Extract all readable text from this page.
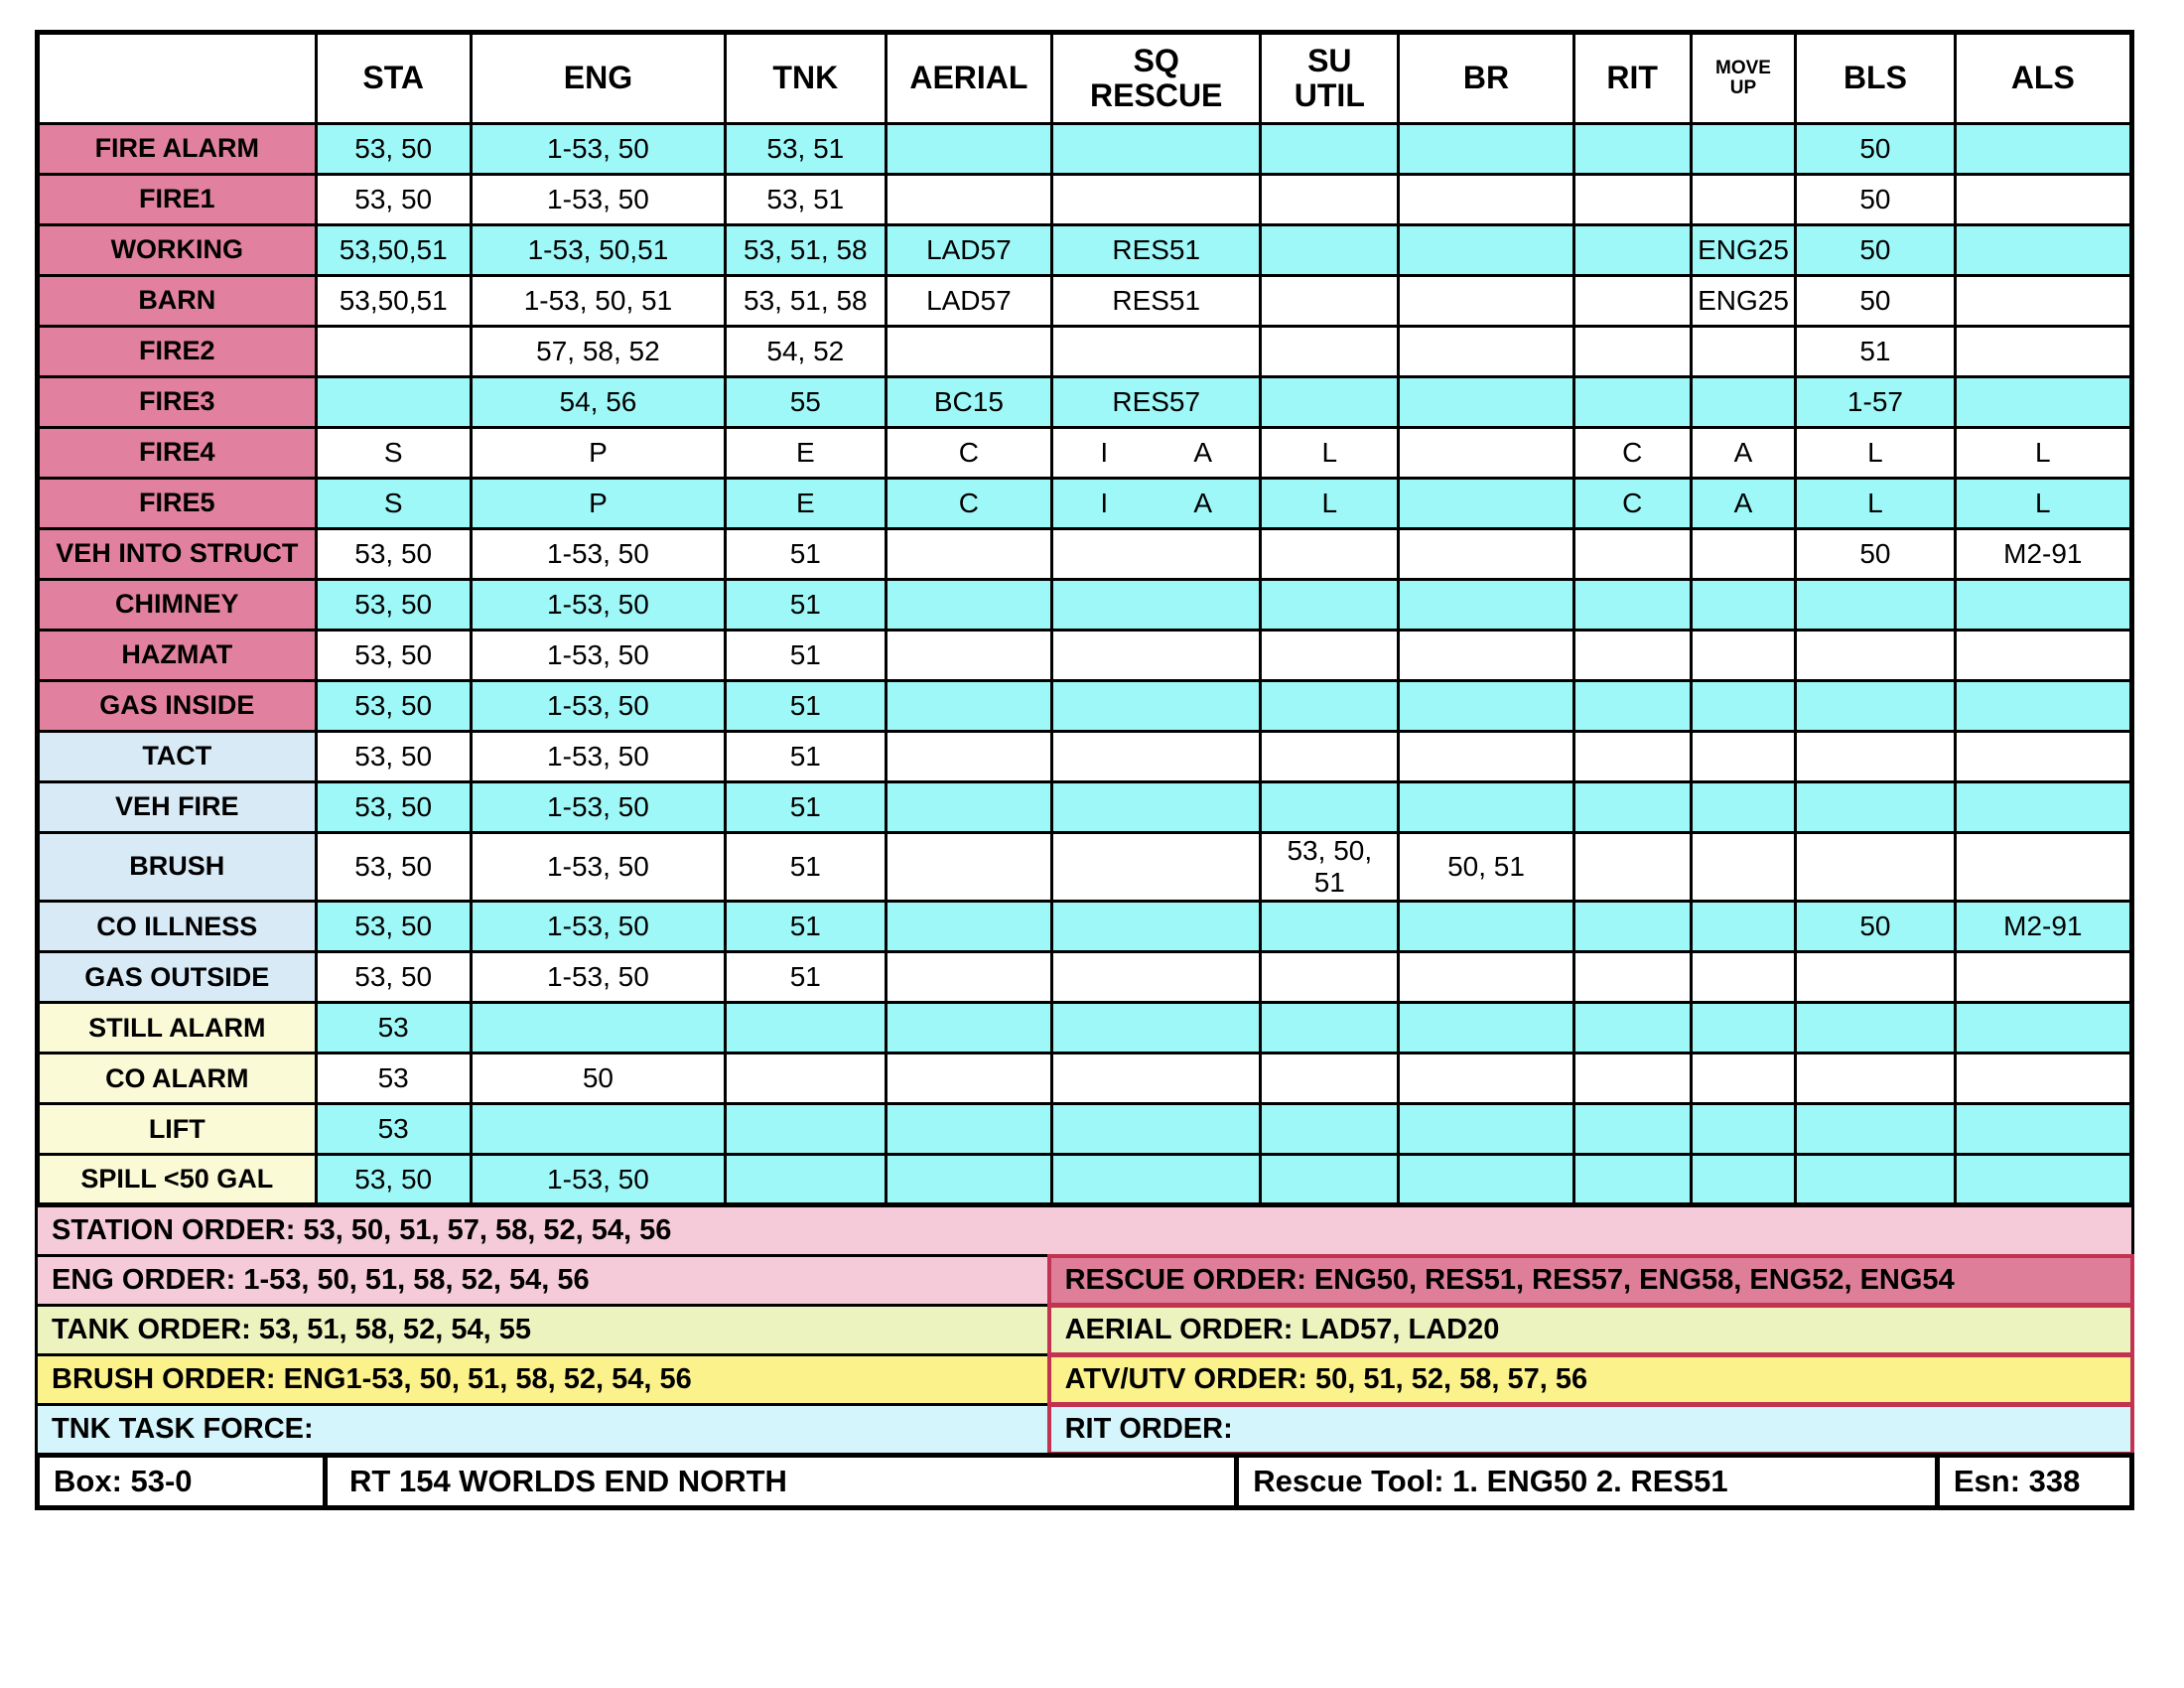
	STA	ENG	TNK	AERIAL	SQ RESCUE	SU UTIL	BR	RIT	MOVEUP	BLS	ALS
FIRE ALARM	53, 50	1-53, 50	53, 51							50	
FIRE1	53, 50	1-53, 50	53, 51							50	
WORKING	53,50,51	1-53, 50,51	53, 51, 58	LAD57	RES51				ENG25	50	
BARN	53,50,51	1-53, 50, 51	53, 51, 58	LAD57	RES51				ENG25	50	
FIRE2		57, 58, 52	54, 52							51	
FIRE3		54, 56	55	BC15	RES57					1-57	
FIRE4	S	P	E	C	I A	L		C	A	L	L
FIRE5	S	P	E	C	I A	L		C	A	L	L
VEH INTO STRUCT	53, 50	1-53, 50	51							50	M2-91
CHIMNEY	53, 50	1-53, 50	51								
HAZMAT	53, 50	1-53, 50	51								
GAS INSIDE	53, 50	1-53, 50	51								
TACT	53, 50	1-53, 50	51								
VEH FIRE	53, 50	1-53, 50	51								
BRUSH	53, 50	1-53, 50	51			53, 50, 51	50, 51				
CO ILLNESS	53, 50	1-53, 50	51							50	M2-91
GAS OUTSIDE	53, 50	1-53, 50	51								
STILL ALARM	53										
CO ALARM	53	50									
LIFT	53										
SPILL <50 GAL	53, 50	1-53, 50									
STATION ORDER: 53, 50, 51, 57, 58, 52, 54, 56
ENG ORDER: 1-53, 50, 51, 58, 52, 54, 56	RESCUE ORDER: ENG50, RES51, RES57, ENG58, ENG52, ENG54
TANK ORDER: 53, 51, 58, 52, 54, 55	AERIAL ORDER: LAD57, LAD20
BRUSH ORDER: ENG1-53, 50, 51, 58, 52, 54, 56	ATV/UTV ORDER: 50, 51, 52, 58, 57, 56
TNK TASK FORCE:	RIT ORDER:
Box: 53-0	RT 154 WORLDS END NORTH	Rescue Tool: 1. ENG50 2. RES51	Esn: 338
